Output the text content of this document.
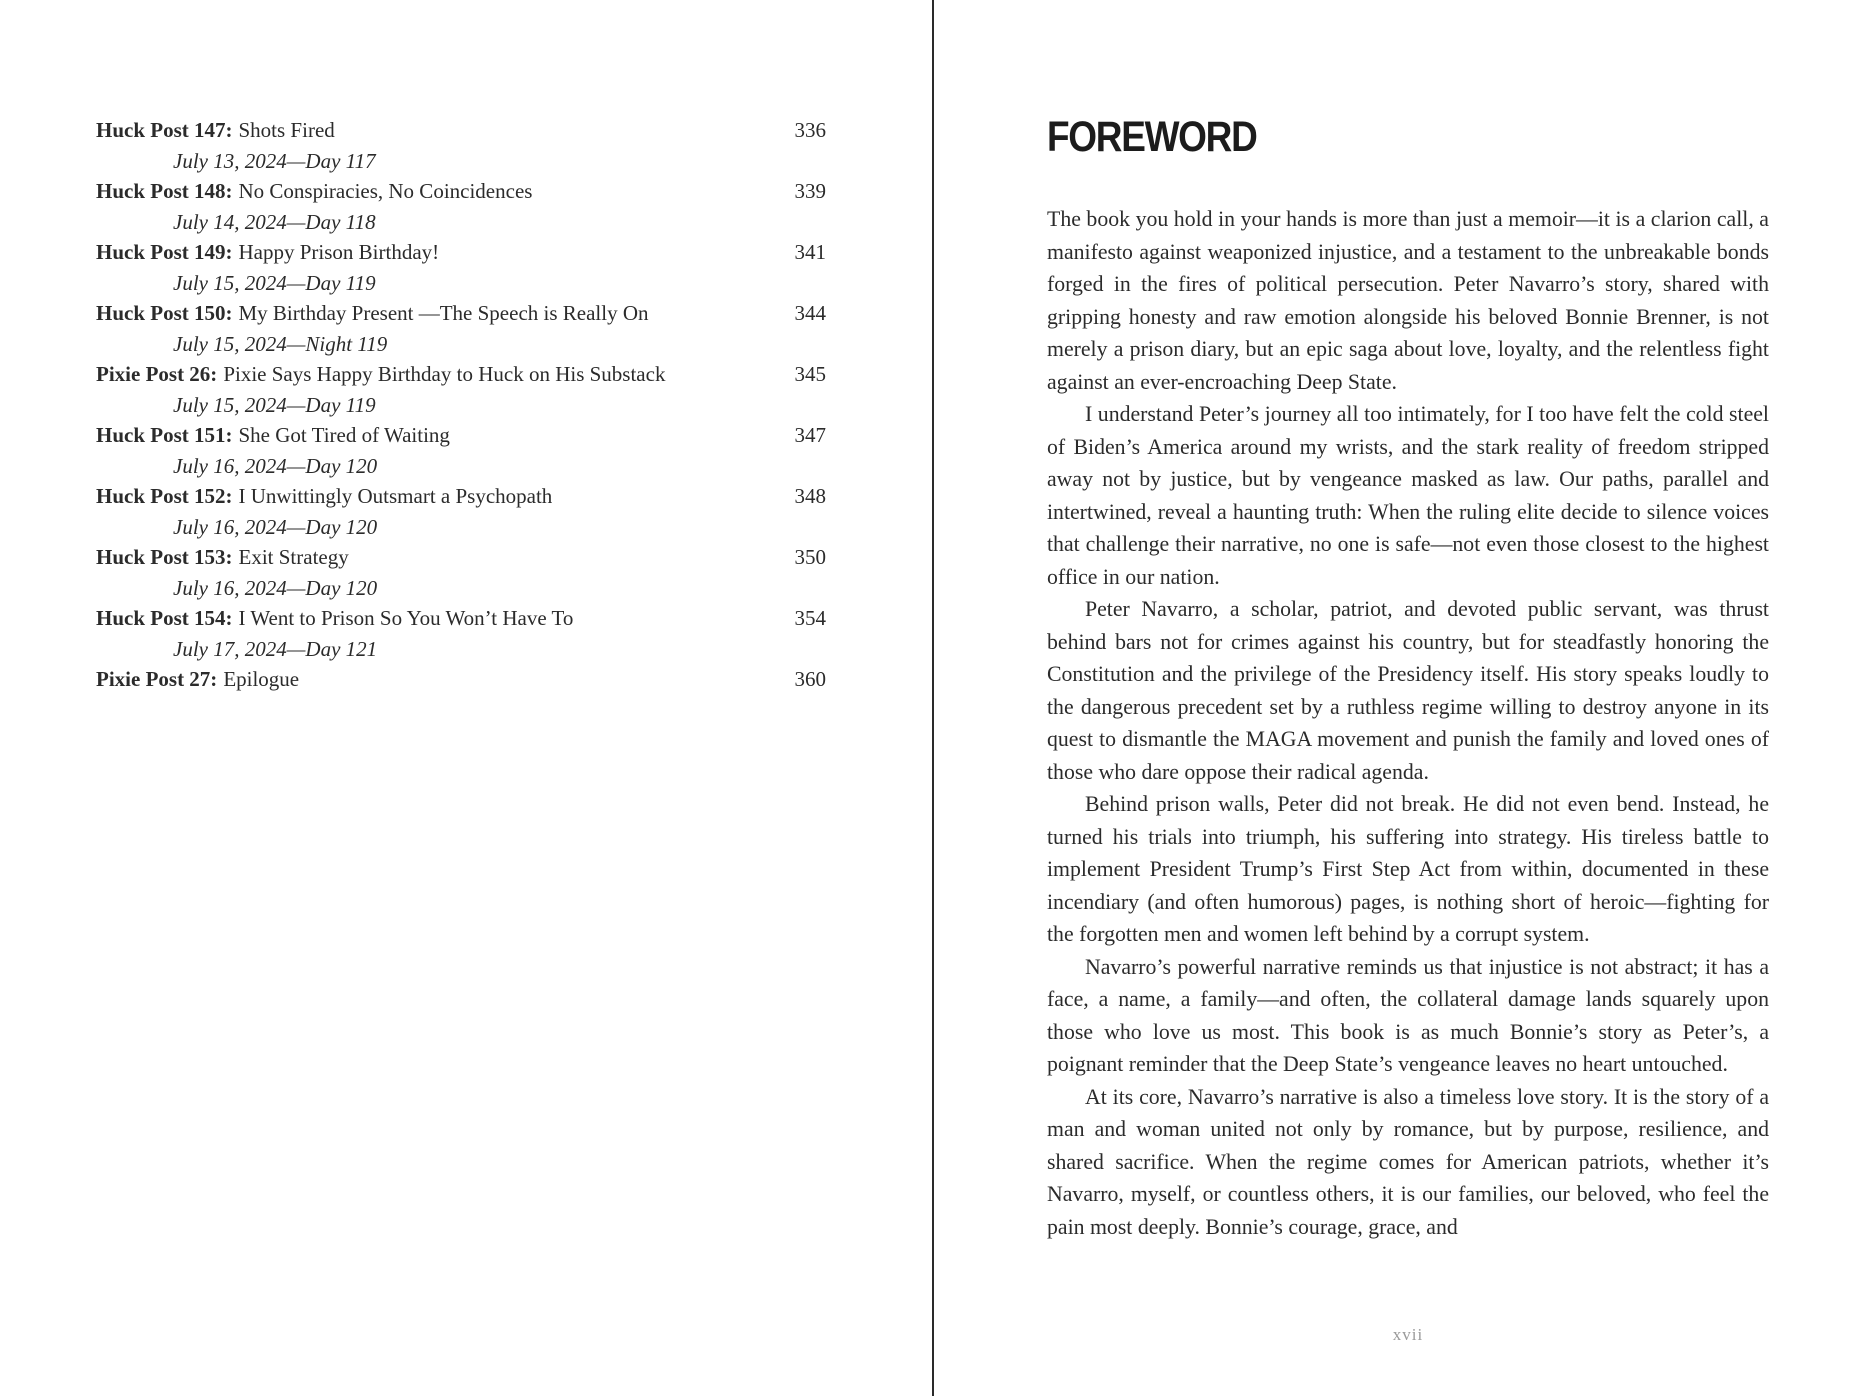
Huck Post 147: Shots Fired	336
July 13, 2024—Day 117
Huck Post 148: No Conspiracies, No Coincidences	339
July 14, 2024—Day 118
Huck Post 149: Happy Prison Birthday!	341
July 15, 2024—Day 119
Huck Post 150: My Birthday Present —The Speech is Really On	344
July 15, 2024—Night 119
Pixie Post 26: Pixie Says Happy Birthday to Huck on His Substack	345
July 15, 2024—Day 119
Huck Post 151: She Got Tired of Waiting	347
July 16, 2024—Day 120
Huck Post 152: I Unwittingly Outsmart a Psychopath	348
July 16, 2024—Day 120
Huck Post 153: Exit Strategy	350
July 16, 2024—Day 120
Huck Post 154: I Went to Prison So You Won’t Have To	354
July 17, 2024—Day 121
Pixie Post 27: Epilogue	360
FOREWORD

The book you hold in your hands is more than just a memoir—it is a clarion call, a manifesto against weaponized injustice, and a testament to the unbreakable bonds forged in the fires of political persecution. Peter Navarro’s story, shared with gripping honesty and raw emotion alongside his beloved Bonnie Brenner, is not merely a prison diary, but an epic saga about love, loyalty, and the relentless fight against an ever-encroaching Deep State.

I understand Peter’s journey all too intimately, for I too have felt the cold steel of Biden’s America around my wrists, and the stark reality of freedom stripped away not by justice, but by vengeance masked as law. Our paths, parallel and intertwined, reveal a haunting truth: When the ruling elite decide to silence voices that challenge their narrative, no one is safe—not even those closest to the highest office in our nation.

Peter Navarro, a scholar, patriot, and devoted public servant, was thrust behind bars not for crimes against his country, but for steadfastly honoring the Constitution and the privilege of the Presidency itself. His story speaks loudly to the dangerous precedent set by a ruthless regime willing to destroy anyone in its quest to dismantle the MAGA movement and punish the family and loved ones of those who dare oppose their radical agenda.

Behind prison walls, Peter did not break. He did not even bend. Instead, he turned his trials into triumph, his suffering into strategy. His tireless battle to implement President Trump’s First Step Act from within, documented in these incendiary (and often humorous) pages, is nothing short of heroic—fighting for the forgotten men and women left behind by a corrupt system.

Navarro’s powerful narrative reminds us that injustice is not abstract; it has a face, a name, a family—and often, the collateral damage lands squarely upon those who love us most. This book is as much Bonnie’s story as Peter’s, a poignant reminder that the Deep State’s vengeance leaves no heart untouched.

At its core, Navarro’s narrative is also a timeless love story. It is the story of a man and woman united not only by romance, but by purpose, resilience, and shared sacrifice. When the regime comes for American patriots, whether it’s Navarro, myself, or countless others, it is our families, our beloved, who feel the pain most deeply. Bonnie’s courage, grace, and

xvii
